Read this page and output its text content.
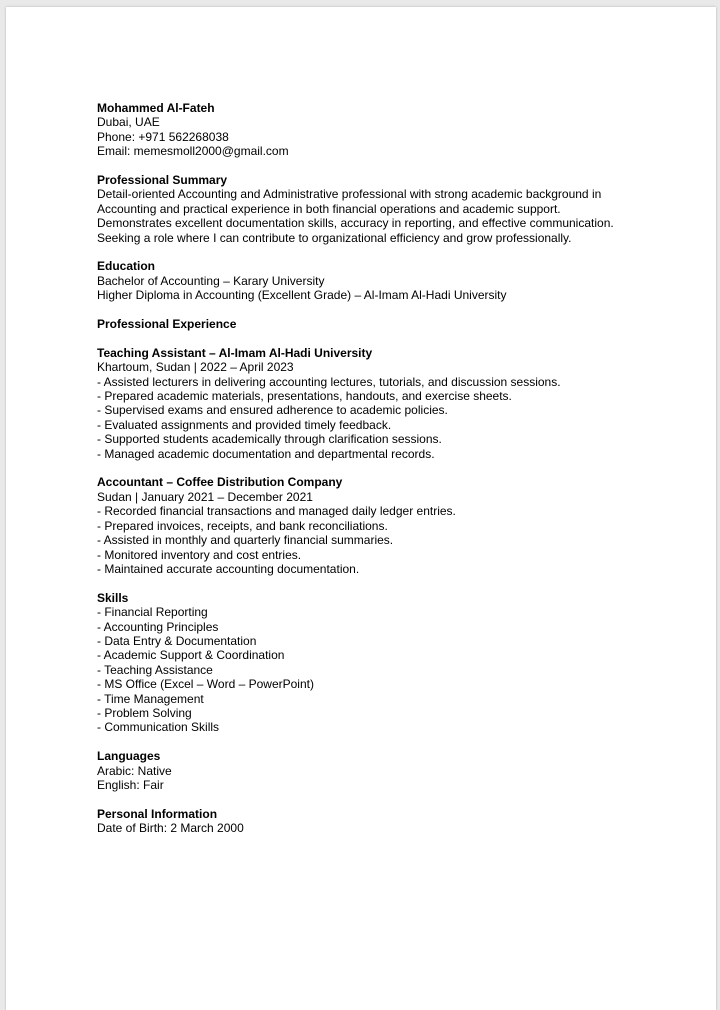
Mohammed Al-Fateh
Dubai, UAE
Phone: +971 562268038
Email: memesmoll2000@gmail.com
Professional Summary
Detail-oriented Accounting and Administrative professional with strong academic background in
Accounting and practical experience in both financial operations and academic support.
Demonstrates excellent documentation skills, accuracy in reporting, and effective communication.
Seeking a role where I can contribute to organizational efficiency and grow professionally.
Education
Bachelor of Accounting – Karary University
Higher Diploma in Accounting (Excellent Grade) – Al-Imam Al-Hadi University
Professional Experience
Teaching Assistant – Al-Imam Al-Hadi University
Khartoum, Sudan | 2022 – April 2023
- Assisted lecturers in delivering accounting lectures, tutorials, and discussion sessions.
- Prepared academic materials, presentations, handouts, and exercise sheets.
- Supervised exams and ensured adherence to academic policies.
- Evaluated assignments and provided timely feedback.
- Supported students academically through clarification sessions.
- Managed academic documentation and departmental records.
Accountant – Coffee Distribution Company
Sudan | January 2021 – December 2021
- Recorded financial transactions and managed daily ledger entries.
- Prepared invoices, receipts, and bank reconciliations.
- Assisted in monthly and quarterly financial summaries.
- Monitored inventory and cost entries.
- Maintained accurate accounting documentation.
Skills
- Financial Reporting
- Accounting Principles
- Data Entry & Documentation
- Academic Support & Coordination
- Teaching Assistance
- MS Office (Excel – Word – PowerPoint)
- Time Management
- Problem Solving
- Communication Skills
Languages
Arabic: Native
English: Fair
Personal Information
Date of Birth: 2 March 2000
